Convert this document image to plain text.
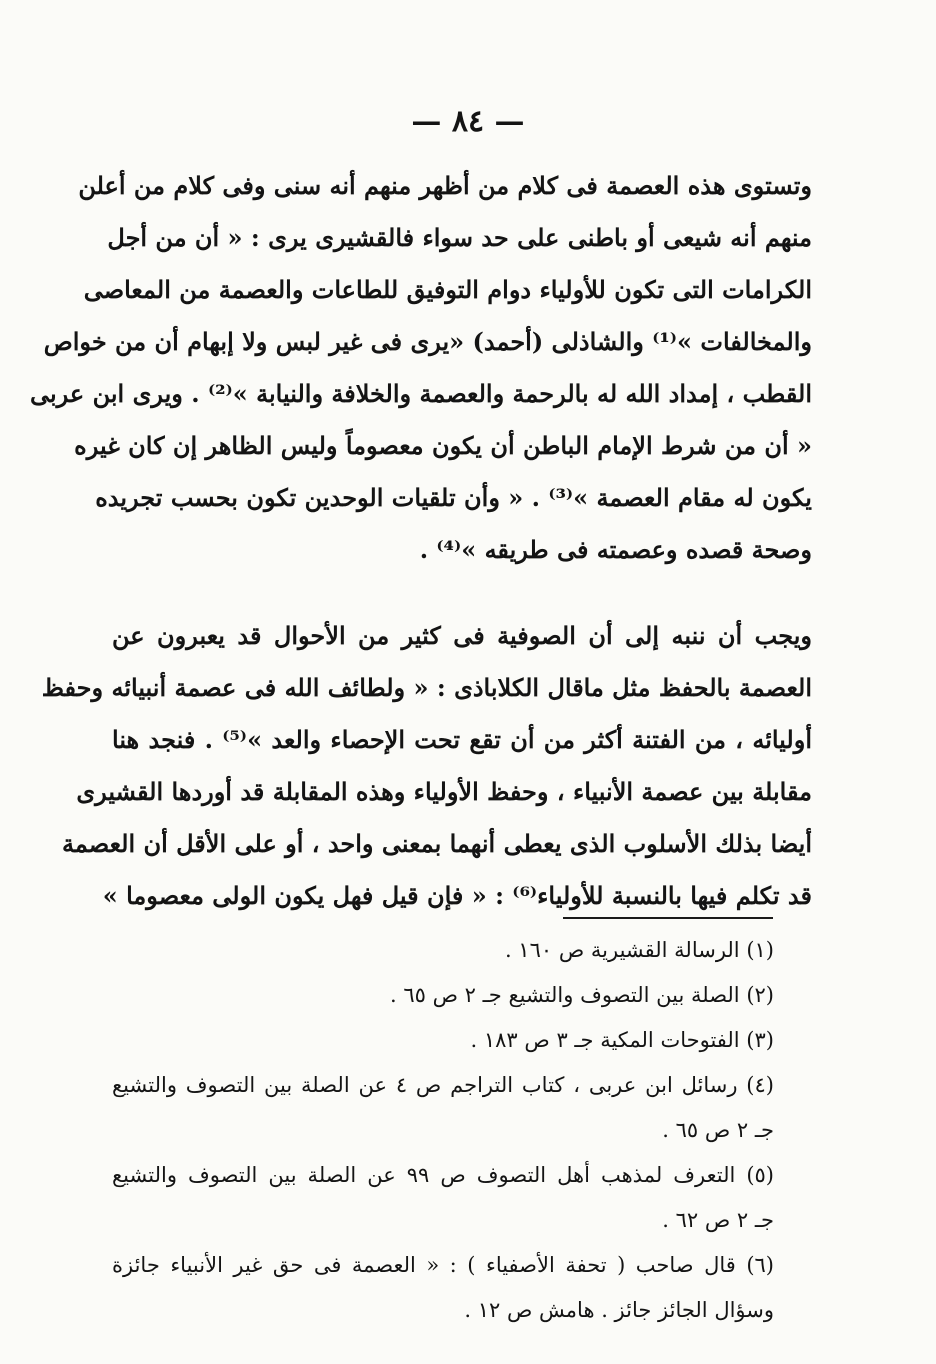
— ٨٤ —
وتستوى هذه العصمة فى كلام من أظهر منهم أنه سنى وفى كلام من أعلن
منهم أنه شيعى أو باطنى على حد سواء فالقشيرى يرى : « أن من أجل
الكرامات التى تكون للأولياء دوام التوفيق للطاعات والعصمة من المعاصى
والمخالفات »⁽¹⁾ والشاذلى (أحمد) «يرى فى غير لبس ولا إبهام أن من خواص
القطب ، إمداد الله له بالرحمة والعصمة والخلافة والنيابة »⁽²⁾ . ويرى ابن عربى
« أن من شرط الإمام الباطن أن يكون معصوماً وليس الظاهر إن كان غيره
يكون له مقام العصمة »⁽³⁾ . « وأن تلقيات الوحدين تكون بحسب تجريده
وصحة قصده وعصمته فى طريقه »⁽⁴⁾ .
ويجب أن ننبه إلى أن الصوفية فى كثير من الأحوال قد يعبرون عن
العصمة بالحفظ مثل ماقال الكلاباذى : « ولطائف الله فى عصمة أنبيائه وحفظ
أوليائه ، من الفتنة أكثر من أن تقع تحت الإحصاء والعد »⁽⁵⁾ . فنجد هنا
مقابلة بين عصمة الأنبياء ، وحفظ الأولياء وهذه المقابلة قد أوردها القشيرى
أيضا بذلك الأسلوب الذى يعطى أنهما بمعنى واحد ، أو على الأقل أن العصمة
قد تكلم فيها بالنسبة للأولياء⁽⁶⁾ : « فإن قيل فهل يكون الولى معصوما »
(١) الرسالة القشيرية ص ١٦٠ .
(٢) الصلة بين التصوف والتشيع جـ ٢ ص ٦٥ .
(٣) الفتوحات المكية جـ ٣ ص ١٨٣ .
(٤) رسائل ابن عربى ، كتاب التراجم ص ٤ عن الصلة بين التصوف والتشيع
جـ ٢ ص ٦٥ .
(٥) التعرف لمذهب أهل التصوف ص ٩٩ عن الصلة بين التصوف والتشيع
جـ ٢ ص ٦٢ .
(٦) قال صاحب ( تحفة الأصفياء ) : « العصمة فى حق غير الأنبياء جائزة
وسؤال الجائز جائز . هامش ص ١٢ .
